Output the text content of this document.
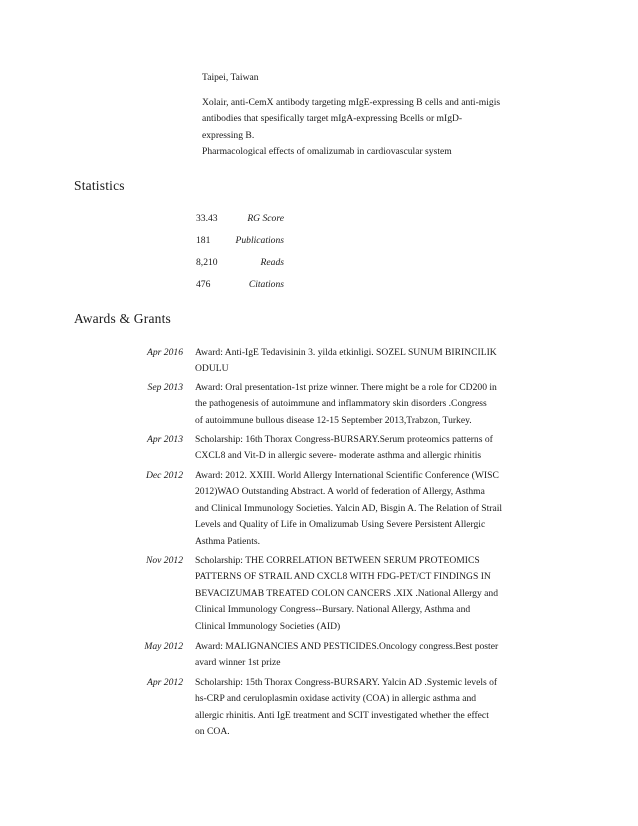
Taipei, Taiwan
Xolair, anti-CemX antibody targeting mIgE-expressing B cells and anti-migis
antibodies that spesifically target mIgA-expressing Bcells or mIgD-
expressing B.
Pharmacological effects of omalizumab in cardiovascular system
Statistics
RG Score
33.43
Publications
181
Reads
8,210
Citations
476
Awards & Grants
Apr 2016 Award: Anti-IgE Tedavisinin 3. yilda etkinligi. SOZEL SUNUM BIRINCILIK
ODULU
Sep 2013 Award: Oral presentation-1st prize winner. There might be a role for CD200 in
the pathogenesis of autoimmune and inflammatory skin disorders .Congress
of autoimmune bullous disease 12-15 September 2013,Trabzon, Turkey.
Apr 2013 Scholarship: 16th Thorax Congress-BURSARY.Serum proteomics patterns of
CXCL8 and Vit-D in allergic severe- moderate asthma and allergic rhinitis
Dec 2012 Award: 2012. XXIII. World Allergy International Scientific Conference (WISC
2012)WAO Outstanding Abstract. A world of federation of Allergy, Asthma
and Clinical Immunology Societies. Yalcin AD, Bisgin A. The Relation of Strail
Levels and Quality of Life in Omalizumab Using Severe Persistent Allergic
Asthma Patients.
Nov 2012 Scholarship: THE CORRELATION BETWEEN SERUM PROTEOMICS
PATTERNS OF STRAIL AND CXCL8 WITH FDG-PET/CT FINDINGS IN
BEVACIZUMAB TREATED COLON CANCERS .XIX .National Allergy and
Clinical Immunology Congress--Bursary. National Allergy, Asthma and
Clinical Immunology Societies (AID)
May 2012 Award: MALIGNANCIES AND PESTICIDES.Oncology congress.Best poster
avard winner 1st prize
Apr 2012 Scholarship: 15th Thorax Congress-BURSARY. Yalcin AD .Systemic levels of
hs-CRP and ceruloplasmin oxidase activity (COA) in allergic asthma and
allergic rhinitis. Anti IgE treatment and SCIT investigated whether the effect
on COA.
